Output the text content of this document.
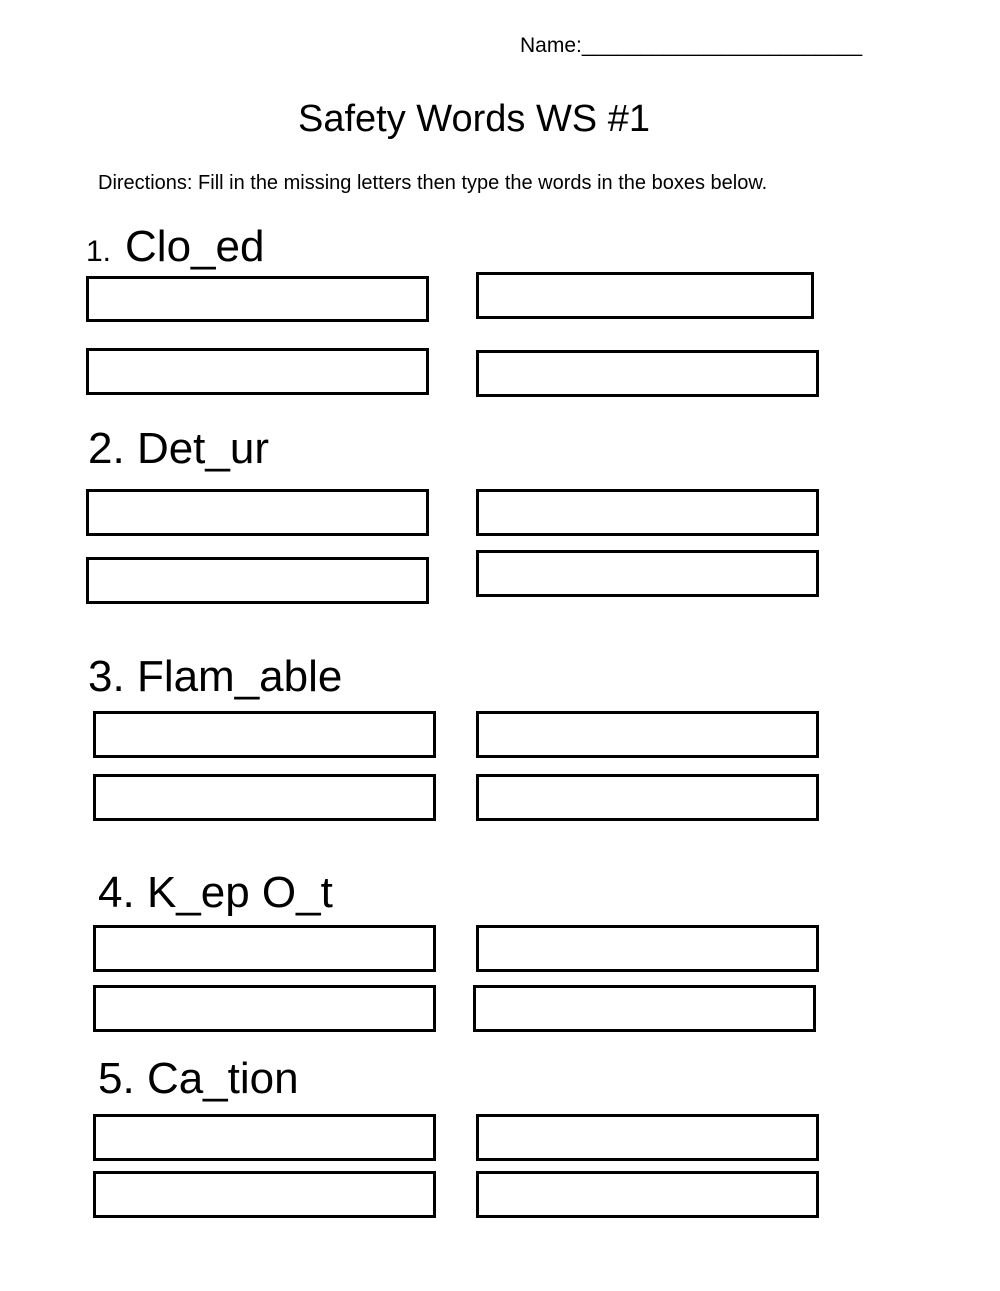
Name:________________________
Safety Words WS #1
Directions: Fill in the missing letters then type the words in the boxes below.
1. Clo_ed
2. Det_ur
3. Flam_able
4. K_ep O_t
5. Ca_tion
